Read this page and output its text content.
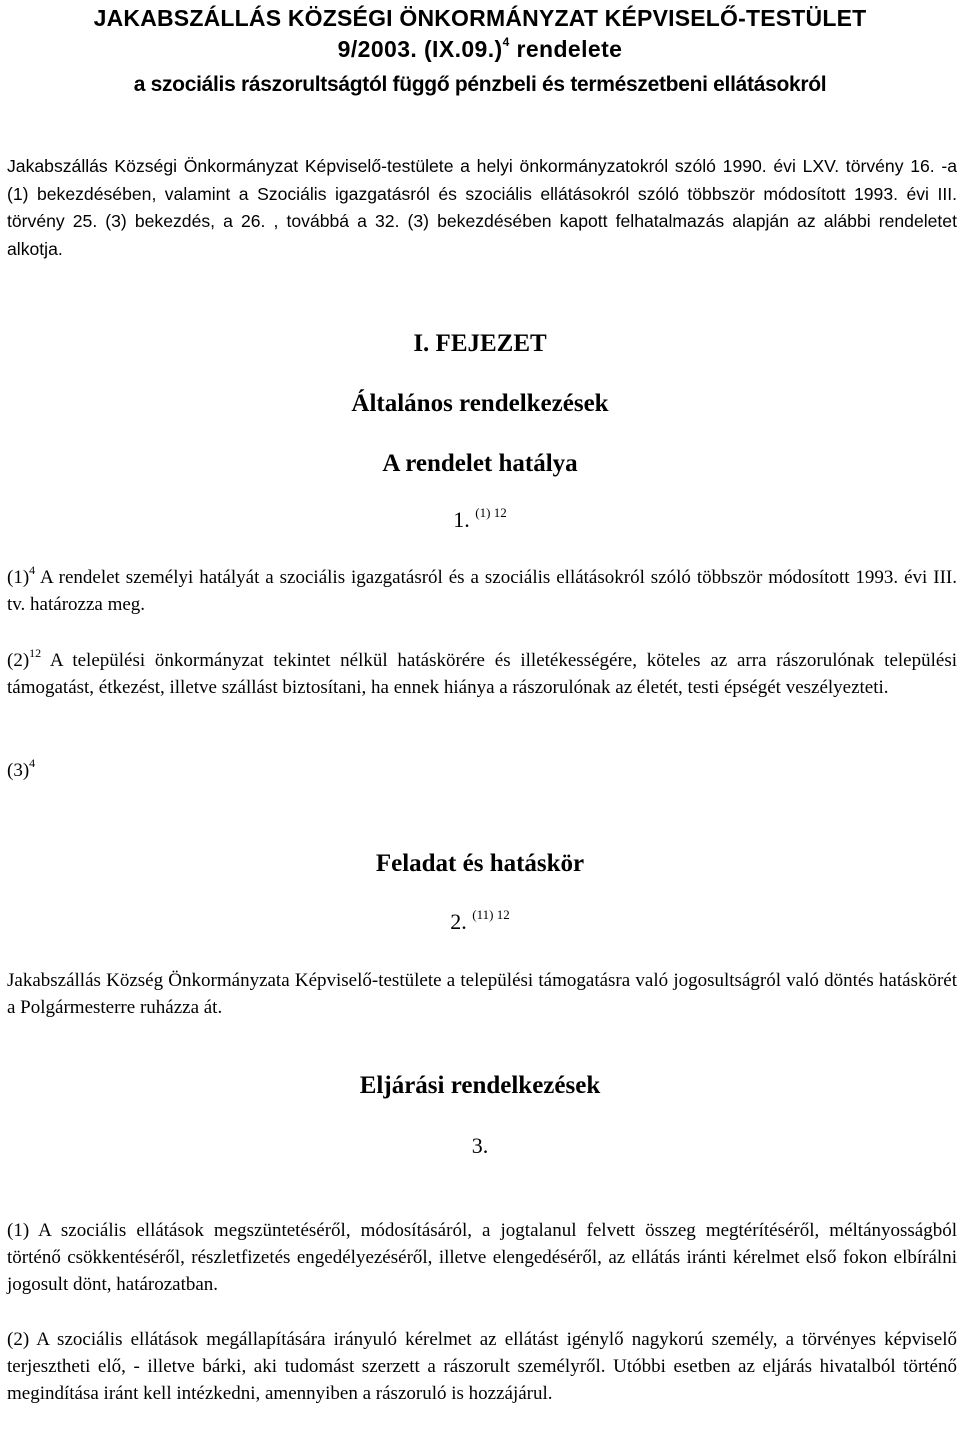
JAKABSZÁLLÁS KÖZSÉGI ÖNKORMÁNYZAT KÉPVISELŐ-TESTÜLET
9/2003. $(IX.09.)^4$ rendelete
a szociális rászorultságtól függő pénzbeli és természetbeni ellátásokról

Jakabszállás Községi Önkormányzat Képviselő-testülete a helyi önkormányzatokról szóló 1990. évi LXV. törvény 16. -a (1) bekezdésében, valamint a Szociális igazgatásról és szociális ellátásokról szóló többször módosított 1993. évi III. törvény 25. (3) bekezdés, a 26. , továbbá a 32. (3) bekezdésében kapott felhatalmazás alapján az alábbi rendeletet alkotja.

I. FEJEZET
Általános rendelkezések
A rendelet hatálya
1. $^{(1) 12}$

$(1)^4$ A rendelet személyi hatályát a szociális igazgatásról és a szociális ellátásokról szóló többször módosított 1993. évi III. tv. határozza meg.

$(2)^{12}$ A települési önkormányzat tekintet nélkül hatáskörére és illetékességére, köteles az arra rászorulónak települési támogatást, étkezést, illetve szállást biztosítani, ha ennek hiánya a rászorulónak az életét, testi épségét veszélyezteti.

$(3)^4$

Feladat és hatáskör
2. $^{(11) 12}$

Jakabszállás Község Önkormányzata Képviselő-testülete a települési támogatásra való jogosultságról való döntés hatáskörét a Polgármesterre ruházza át.

Eljárási rendelkezések
3.

(1) A szociális ellátások megszüntetéséről, módosításáról, a jogtalanul felvett összeg megtérítéséről, méltányosságból történő csökkentéséről, részletfizetés engedélyezéséről, illetve elengedéséről, az ellátás iránti kérelmet első fokon elbírálni jogosult dönt, határozatban.

(2) A szociális ellátások megállapítására irányuló kérelmet az ellátást igénylő nagykorú személy, a törvényes képviselő terjesztheti elő, - illetve bárki, aki tudomást szerzett a rászorult személyről. Utóbbi esetben az eljárás hivatalból történő megindítása iránt kell intézkedni, amennyiben a rászoruló is hozzájárul.
